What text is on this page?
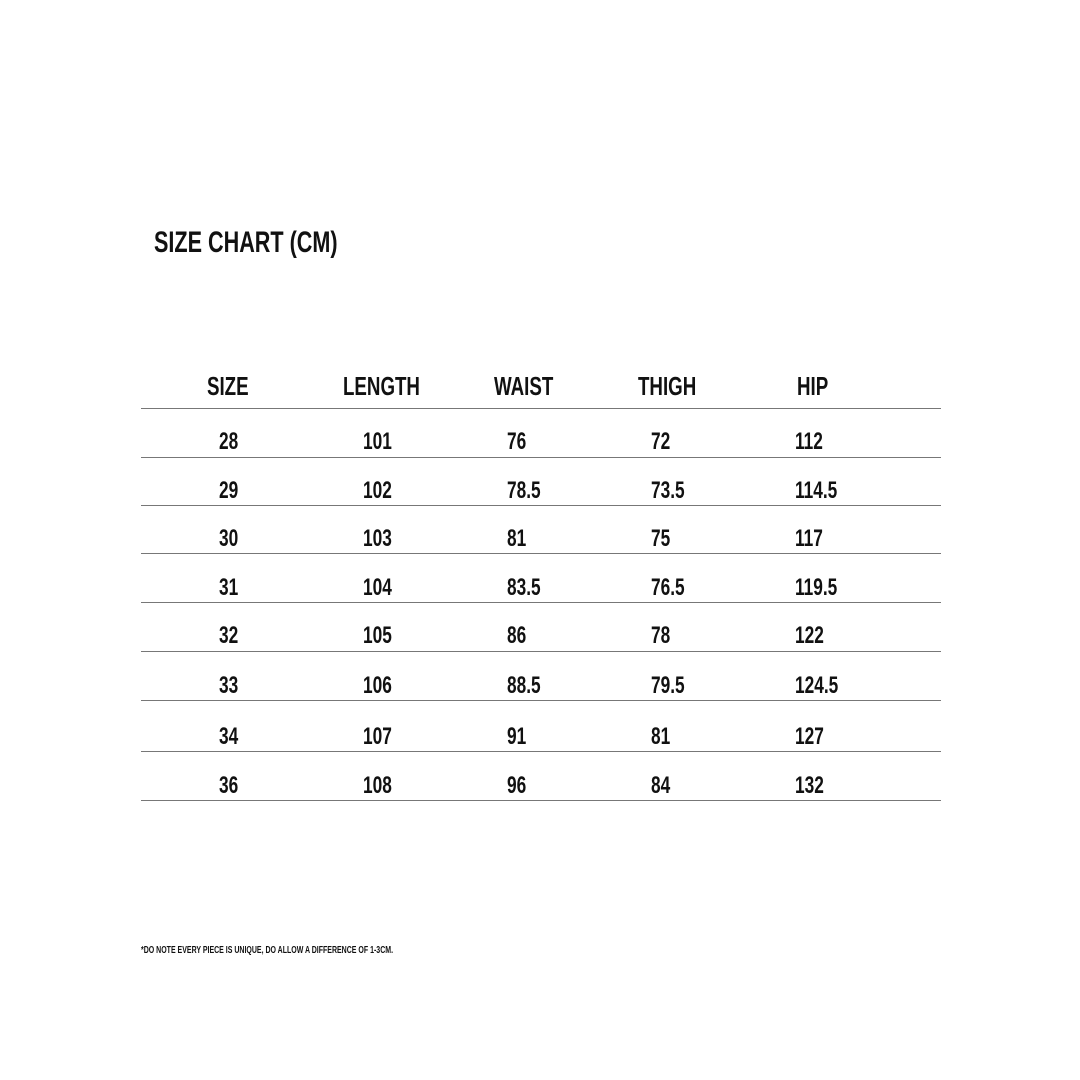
SIZE CHART (CM)
SIZE	LENGTH	WAIST	THIGH	HIP
28	101	76	72	112
29	102	78.5	73.5	114.5
30	103	81	75	117
31	104	83.5	76.5	119.5
32	105	86	78	122
33	106	88.5	79.5	124.5
34	107	91	81	127
36	108	96	84	132
*DO NOTE EVERY PIECE IS UNIQUE, DO ALLOW A DIFFERENCE OF 1-3CM.
